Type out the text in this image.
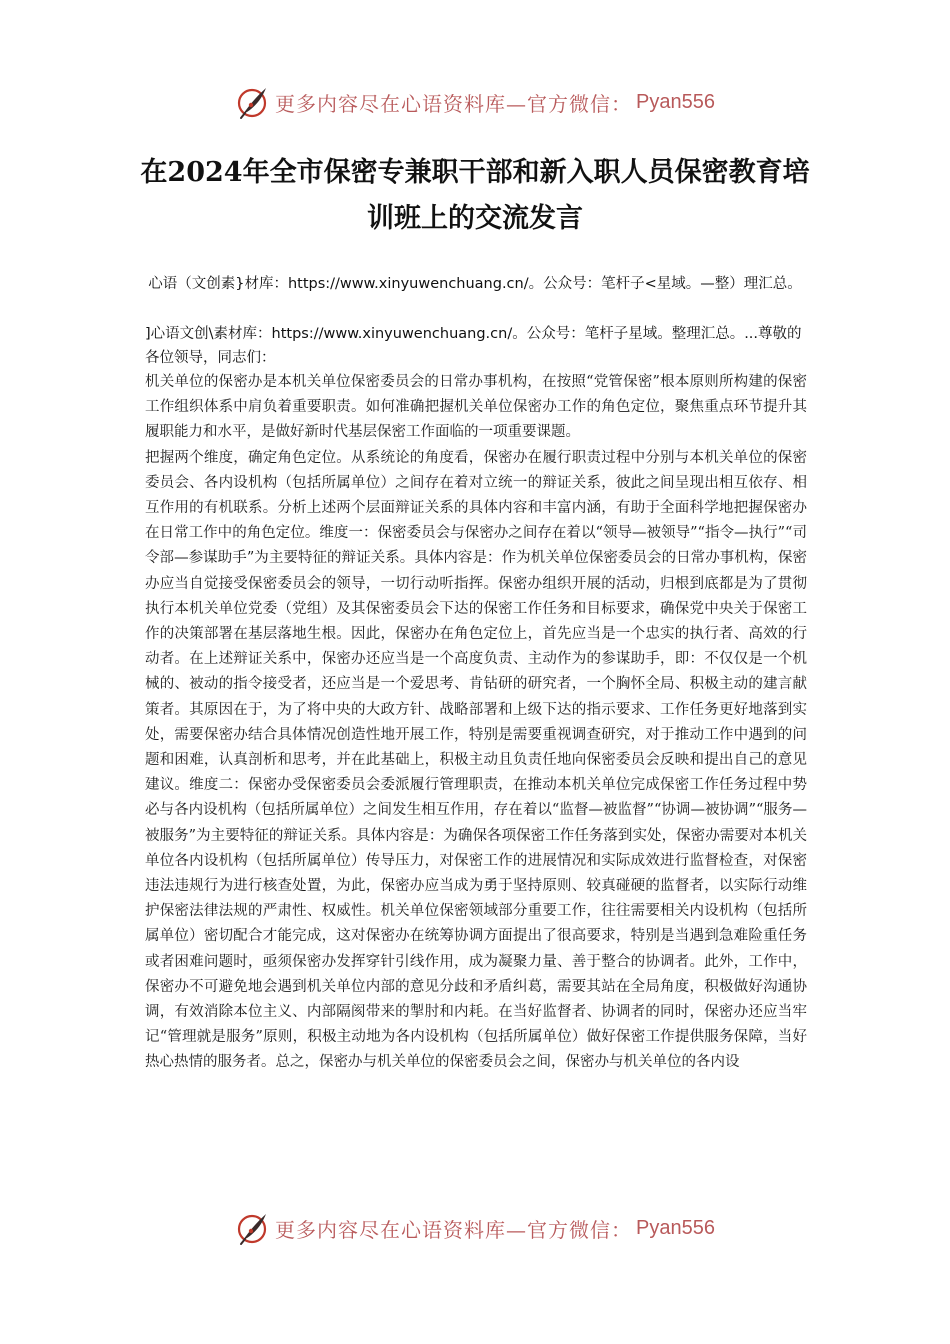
更多内容尽在心语资料库—官方微信： Pyan556
在2024年全市保密专兼职干部和新入职人员保密教育培训班上的交流发言
心语（文创素}材库：https://www.xinyuwenchuang.cn/。公众号：笔杆子<星域。—整）理汇总。
]心语文创\素材库：https://www.xinyuwenchuang.cn/。公众号：笔杆子星域。整理汇总。...尊敬的各位领导，同志们：

机关单位的保密办是本机关单位保密委员会的日常办事机构，在按照“党管保密”根本原则所构建的保密工作组织体系中肩负着重要职责。如何准确把握机关单位保密办工作的角色定位，聚焦重点环节提升其履职能力和水平，是做好新时代基层保密工作面临的一项重要课题。

把握两个维度，确定角色定位。从系统论的角度看，保密办在履行职责过程中分别与本机关单位的保密委员会、各内设机构（包括所属单位）之间存在着对立统一的辩证关系，彼此之间呈现出相互依存、相互作用的有机联系。分析上述两个层面辩证关系的具体内容和丰富内涵，有助于全面科学地把握保密办在日常工作中的角色定位。维度一：保密委员会与保密办之间存在着以“领导—被领导”“指令—执行”“司令部—参谋助手”为主要特征的辩证关系。具体内容是：作为机关单位保密委员会的日常办事机构，保密办应当自觉接受保密委员会的领导，一切行动听指挥。保密办组织开展的活动，归根到底都是为了贯彻执行本机关单位党委（党组）及其保密委员会下达的保密工作任务和目标要求，确保党中央关于保密工作的决策部署在基层落地生根。因此，保密办在角色定位上，首先应当是一个忠实的执行者、高效的行动者。在上述辩证关系中，保密办还应当是一个高度负责、主动作为的参谋助手，即：不仅仅是一个机械的、被动的指令接受者，还应当是一个爱思考、肯钻研的研究者，一个胸怀全局、积极主动的建言献策者。其原因在于，为了将中央的大政方针、战略部署和上级下达的指示要求、工作任务更好地落到实处，需要保密办结合具体情况创造性地开展工作，特别是需要重视调查研究，对于推动工作中遇到的问题和困难，认真剖析和思考，并在此基础上，积极主动且负责任地向保密委员会反映和提出自己的意见建议。维度二：保密办受保密委员会委派履行管理职责，在推动本机关单位完成保密工作任务过程中势必与各内设机构（包括所属单位）之间发生相互作用，存在着以“监督—被监督”“协调—被协调”“服务—被服务”为主要特征的辩证关系。具体内容是：为确保各项保密工作任务落到实处，保密办需要对本机关单位各内设机构（包括所属单位）传导压力，对保密工作的进展情况和实际成效进行监督检查，对保密违法违规行为进行核查处置，为此，保密办应当成为勇于坚持原则、较真碰硬的监督者，以实际行动维护保密法律法规的严肃性、权威性。机关单位保密领域部分重要工作，往往需要相关内设机构（包括所属单位）密切配合才能完成，这对保密办在统筹协调方面提出了很高要求，特别是当遇到急难险重任务或者困难问题时，亟须保密办发挥穿针引线作用，成为凝聚力量、善于整合的协调者。此外，工作中，保密办不可避免地会遇到机关单位内部的意见分歧和矛盾纠葛，需要其站在全局角度，积极做好沟通协调，有效消除本位主义、内部隔阂带来的掣肘和内耗。在当好监督者、协调者的同时，保密办还应当牢记“管理就是服务”原则，积极主动地为各内设机构（包括所属单位）做好保密工作提供服务保障，当好热心热情的服务者。总之，保密办与机关单位的保密委员会之间，保密办与机关单位的各内设

更多内容尽在心语资料库—官方微信： Pyan556
